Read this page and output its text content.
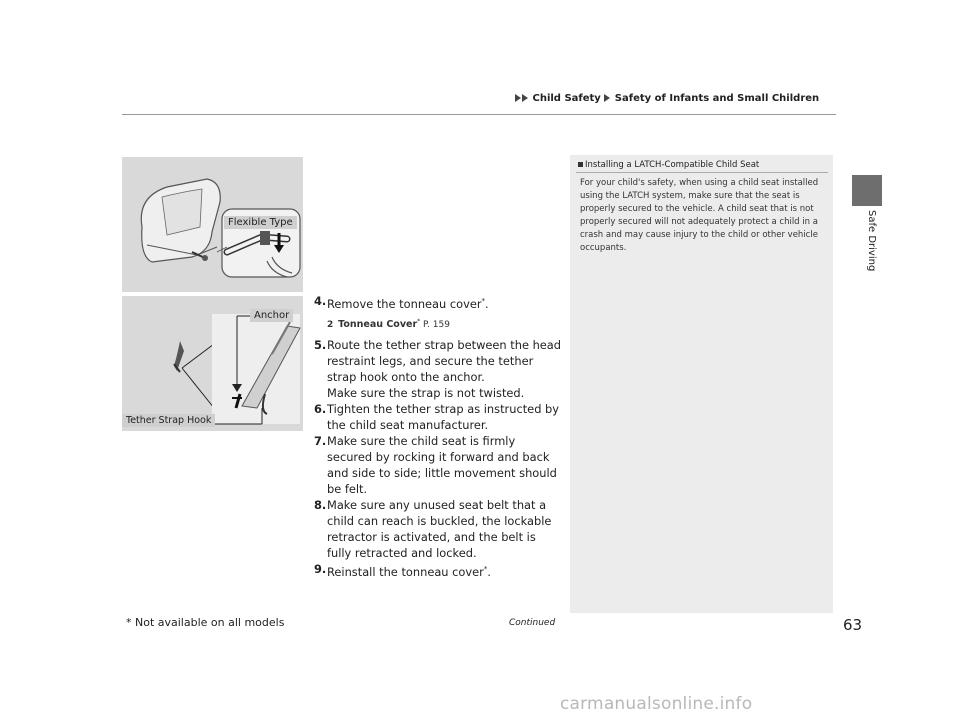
Child Safety Safety of Infants and Small Children
Safe Driving
Flexible Type
Anchor
Tether Strap Hook
4. Remove the tonneau cover*.
2 Tonneau Cover* P. 159
5. Route the tether strap between the head restraint legs, and secure the tether strap hook onto the anchor.
Make sure the strap is not twisted.
6. Tighten the tether strap as instructed by the child seat manufacturer.
7. Make sure the child seat is firmly secured by rocking it forward and back and side to side; little movement should be felt.
8. Make sure any unused seat belt that a child can reach is buckled, the lockable retractor is activated, and the belt is fully retracted and locked.
9. Reinstall the tonneau cover*.
Installing a LATCH-Compatible Child Seat
For your child's safety, when using a child seat installed using the LATCH system, make sure that the seat is properly secured to the vehicle. A child seat that is not properly secured will not adequately protect a child in a crash and may cause injury to the child or other vehicle occupants.
* Not available on all models	Continued	63
carmanualsonline.info
